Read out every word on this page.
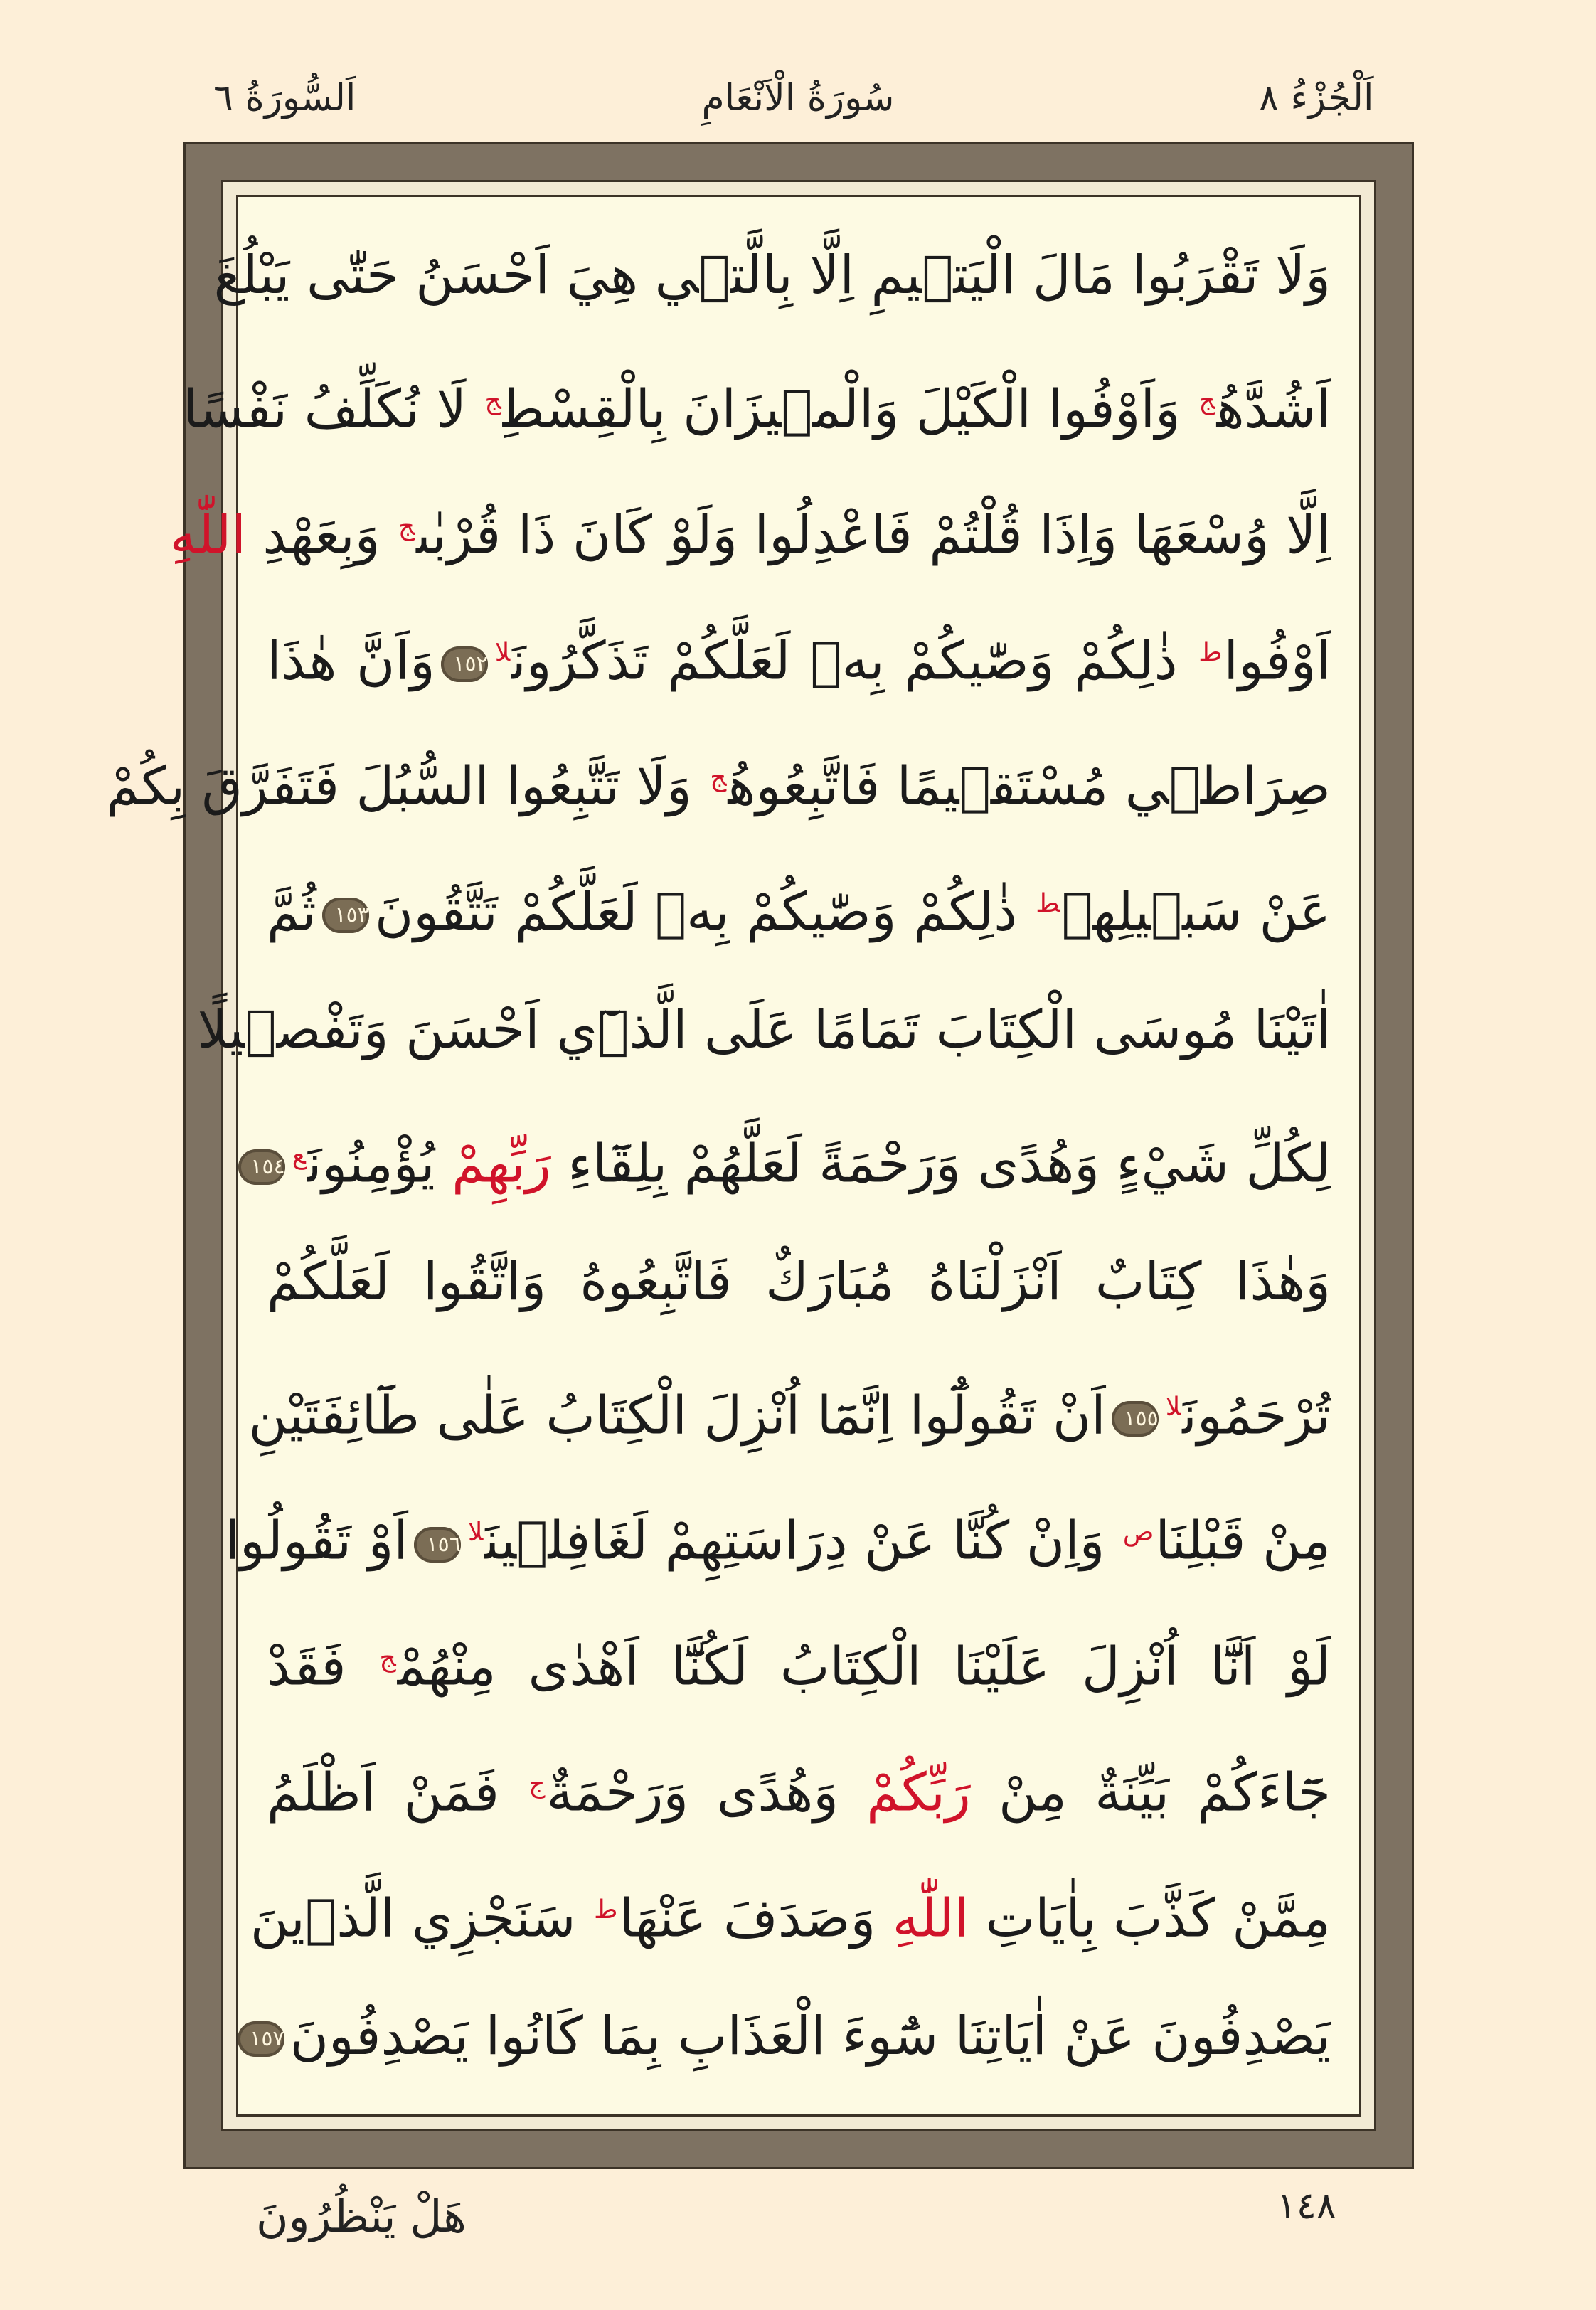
اَلْجُزْءُ ٨
سُورَةُ الْاَنْعَامِ
اَلسُّورَةُ ٦
وَلَا تَقْرَبُوا مَالَ الْيَت۪يمِ اِلَّا بِالَّت۪ي هِيَ اَحْسَنُ حَتّٰى يَبْلُغَ
اَشُدَّهُ$^ج$ وَاَوْفُوا الْكَيْلَ وَالْم۪يزَانَ بِالْقِسْطِ$^ج$ لَا نُكَلِّفُ نَفْسًا
اِلَّا وُسْعَهَا وَاِذَا قُلْتُمْ فَاعْدِلُوا وَلَوْ كَانَ ذَا قُرْبٰى$^ج$ وَبِعَهْدِ اللّٰهِ
اَوْفُوا$^ط$ ذٰلِكُمْ وَصّٰيكُمْ بِه۪ لَعَلَّكُمْ تَذَكَّرُونَ$^{لا}$١٥٢وَاَنَّ هٰذَا
صِرَاط۪ي مُسْتَق۪يمًا فَاتَّبِعُوهُ$^ج$ وَلَا تَتَّبِعُوا السُّبُلَ فَتَفَرَّقَ بِكُمْ
عَنْ سَب۪يلِه۪$^ط$ ذٰلِكُمْ وَصّٰيكُمْ بِه۪ لَعَلَّكُمْ تَتَّقُونَ١٥٣ثُمَّ
اٰتَيْنَا مُوسَى الْكِتَابَ تَمَامًا عَلَى الَّذ۪ٓي اَحْسَنَ وَتَفْص۪يلًا
لِكُلِّ شَيْءٍ وَهُدًى وَرَحْمَةً لَعَلَّهُمْ بِلِقَٓاءِ رَبِّهِمْ يُؤْمِنُونَ$^ع$١٥٤
وَهٰذَا كِتَابٌ اَنْزَلْنَاهُ مُبَارَكٌ فَاتَّبِعُوهُ وَاتَّقُوا لَعَلَّكُمْ
تُرْحَمُونَ$^{لا}$١٥٥اَنْ تَقُولُٓوا اِنَّمَٓا اُنْزِلَ الْكِتَابُ عَلٰى طَٓائِفَتَيْنِ
مِنْ قَبْلِنَا$^ص$ وَاِنْ كُنَّا عَنْ دِرَاسَتِهِمْ لَغَافِل۪ينَ$^{لا}$١٥٦اَوْ تَقُولُوا
لَوْ اَنَّٓا اُنْزِلَ عَلَيْنَا الْكِتَابُ لَكُنَّٓا اَهْدٰى مِنْهُمْ$^ج$ فَقَدْ
جَٓاءَكُمْ بَيِّنَةٌ مِنْ رَبِّكُمْ وَهُدًى وَرَحْمَةٌ$^ج$ فَمَنْ اَظْلَمُ
مِمَّنْ كَذَّبَ بِاٰيَاتِ اللّٰهِ وَصَدَفَ عَنْهَا$^ط$ سَنَجْزِي الَّذ۪ينَ
يَصْدِفُونَ عَنْ اٰيَاتِنَا سُٓوءَ الْعَذَابِ بِمَا كَانُوا يَصْدِفُونَ١٥٧
هَلْ يَنْظُرُونَ	١٤٨
